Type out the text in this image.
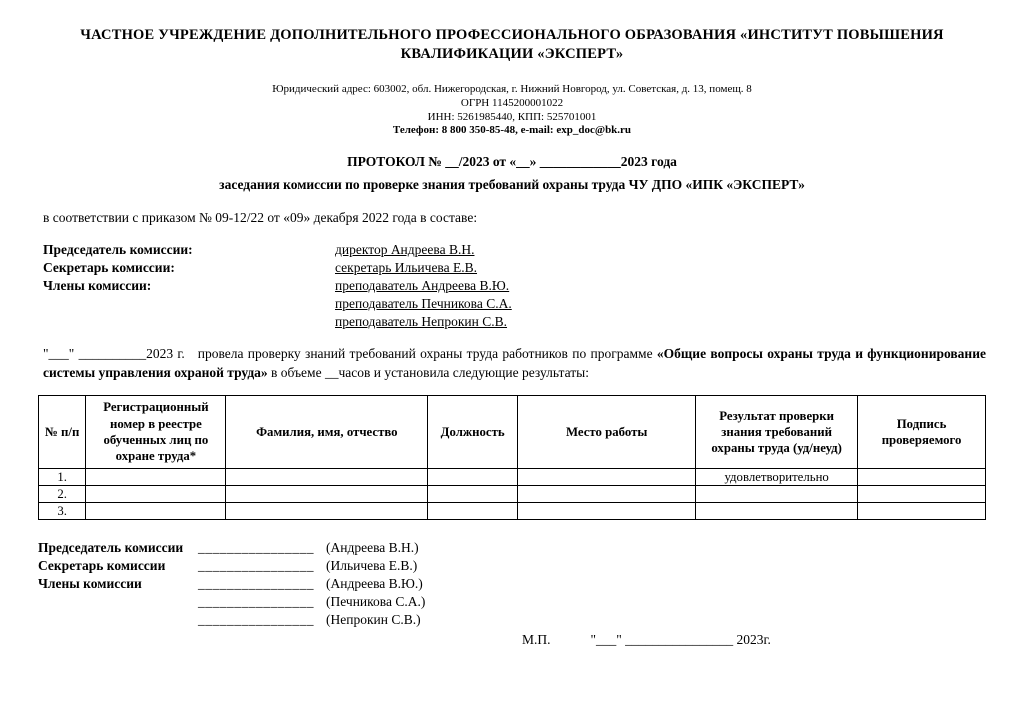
ЧАСТНОЕ УЧРЕЖДЕНИЕ ДОПОЛНИТЕЛЬНОГО ПРОФЕССИОНАЛЬНОГО ОБРАЗОВАНИЯ «ИНСТИТУТ ПОВЫШЕНИЯ КВАЛИФИКАЦИИ «ЭКСПЕРТ»
Юридический адрес: 603002, обл. Нижегородская, г. Нижний Новгород, ул. Советская, д. 13, помещ. 8
ОГРН 1145200001022
ИНН: 5261985440, КПП: 525701001
Телефон: 8 800 350-85-48, e-mail: exp_doc@bk.ru
ПРОТОКОЛ № __/2023 от «__» ____________2023 года
заседания комиссии по проверке знания требований охраны труда ЧУ ДПО «ИПК «ЭКСПЕРТ»
в соответствии с приказом № 09-12/22 от «09» декабря 2022 года в составе:
Председатель комиссии:	директор Андреева В.Н.
Секретарь комиссии:	секретарь Ильичева Е.В.
Члены комиссии:	преподаватель Андреева В.Ю.
преподаватель Печникова С.А.
преподаватель Непрокин С.В.
"___" __________2023 г.   провела проверку знаний требований охраны труда работников по программе «Общие вопросы охраны труда и функционирование системы управления охраной труда» в объеме __часов и установила следующие результаты:
№ п/п	Регистрационный номер в реестре обученных лиц по охране труда*	Фамилия, имя, отчество	Должность	Место работы	Результат проверки знания требований охраны труда (уд/неуд)	Подпись проверяемого
1.					удовлетворительно	
2.						
3.						
Председатель комиссии	________________ (Андреева В.Н.)
Секретарь комиссии	________________ (Ильичева Е.В.)
Члены комиссии	________________ (Андреева В.Ю.)
________________ (Печникова С.А.)
________________ (Непрокин С.В.)
М.П.	"___" ________________ 2023г.
